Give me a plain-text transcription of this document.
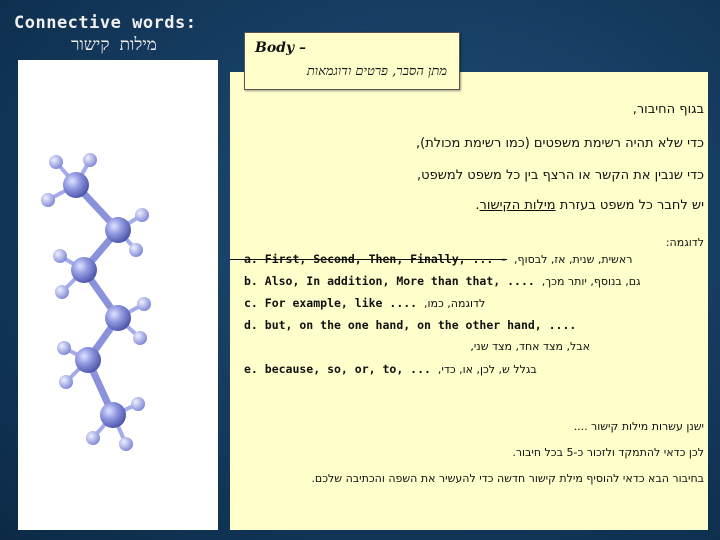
Connective words:
מילות קישור	Body –
מתן הסבר, פרטים ודוגמאות
בגוף החיבור,
כדי שלא תהיה רשימת משפטים (כמו רשימת מכולת),
כדי שנבין את הקשר או הרצף בין כל משפט למשפט,
יש לחבר כל משפט בעזרת מילות הקישור.
לדוגמה:
a. First, Second, Then, Finally, ... - ראשית, שנית, אז, לבסוף,
b. Also, In addition, More than that, .... גם, בנוסף, יותר מכך,
c. For example, like .... לדוגמה, כמו,
d. but, on the one hand, on the other hand, ....
אבל, מצד אחד, מצד שני,
e. because, so, or, to, ... בגלל ש, לכן, או, כדי,
ישנן עשרות מילות קישור ....
לכן כדאי להתמקד ולזכור כ-5 בכל חיבור.
בחיבור הבא כדאי להוסיף מילת קישור חדשה כדי להעשיר את השפה והכתיבה שלכם.
